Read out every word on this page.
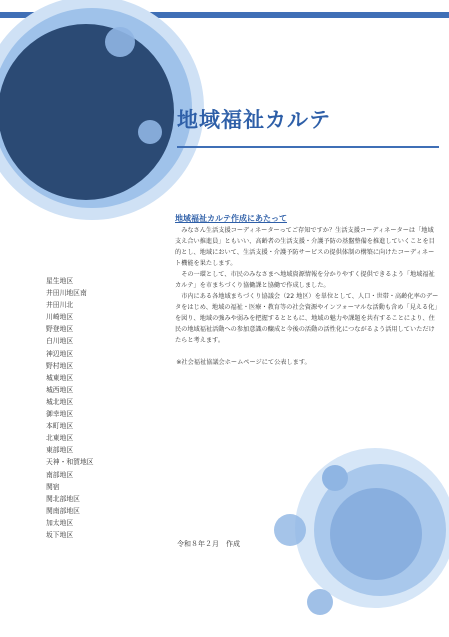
地域福祉カルテ
地域福祉カルテ作成にあたって

みなさん生活支援コーディネーターってご存知ですか？生活支援コーディネーターは「地域支え合い推進員」ともいい、高齢者の生活支援・介護予防の基盤整備を推進していくことを目的とし、地域において、生活支援・介護予防サービスの提供体制の構築に向けたコーディネート機能を果たします。

その一環として、市民のみなさまへ地域資源情報を分かりやすく提供できるよう「地域福祉カルテ」を市まちづくり協働課と協働で作成しました。

市内にある各地域まちづくり協議会（22 地区）を単位として、人口・世帯・高齢化率のデータをはじめ、地域の福祉・医療・教育等の社会資源やインフォーマルな活動も含め「見える化」を図り、地域の強みや弱みを把握するとともに、地域の魅力や課題を共有することにより、住民の地域福祉活動への参加意識の醸成と今後の活動の活性化につながるよう活用していただけたらと考えます。

※社会福祉協議会ホームページにて公表します。

星生地区
井田川地区南
井田川北
川崎地区
野登地区
白川地区
神辺地区
野村地区
城東地区
城西地区
城北地区
御幸地区
本町地区
北東地区
東部地区
天神・和賀地区
南部地区
関宿
関北部地区
関南部地区
加太地区
坂下地区
令和８年２月　作成
